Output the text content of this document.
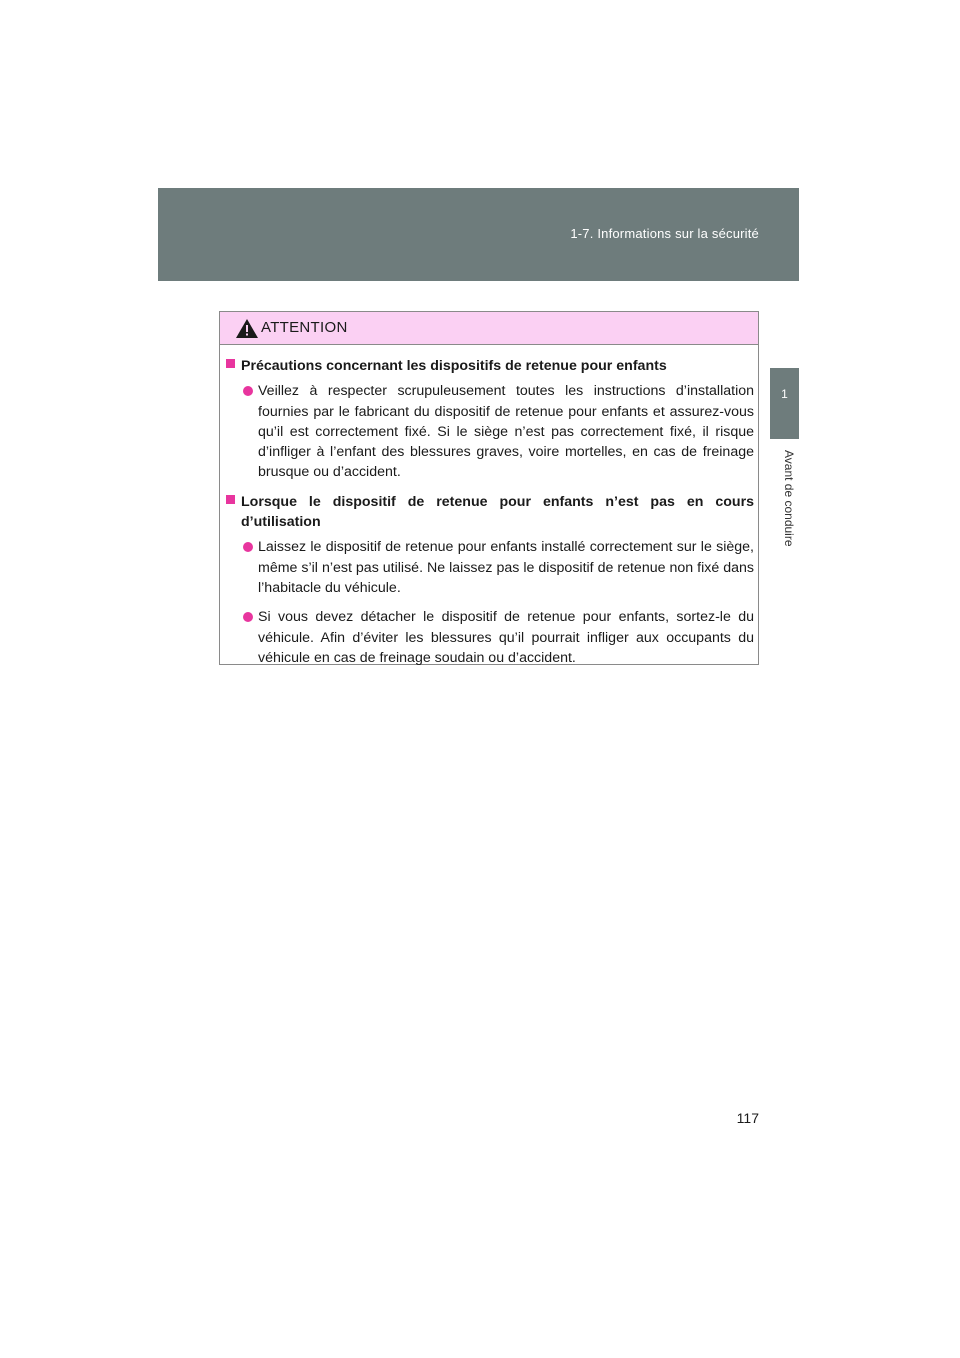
1-7. Informations sur la sécurité
1
Avant de conduire
ATTENTION
Précautions concernant les dispositifs de retenue pour enfants
Veillez à respecter scrupuleusement toutes les instructions d’installation fournies par le fabricant du dispositif de retenue pour enfants et assurez-vous qu’il est correctement fixé. Si le siège n’est pas correctement fixé, il risque d’infliger à l’enfant des blessures graves, voire mortelles, en cas de freinage brusque ou d’accident.
Lorsque le dispositif de retenue pour enfants n’est pas en cours d’utilisation
Laissez le dispositif de retenue pour enfants installé correctement sur le siège, même s’il n’est pas utilisé. Ne laissez pas le dispositif de retenue non fixé dans l’habitacle du véhicule.
Si vous devez détacher le dispositif de retenue pour enfants, sortez-le du véhicule. Afin d’éviter les blessures qu’il pourrait infliger aux occupants du véhicule en cas de freinage soudain ou d’accident.
117
